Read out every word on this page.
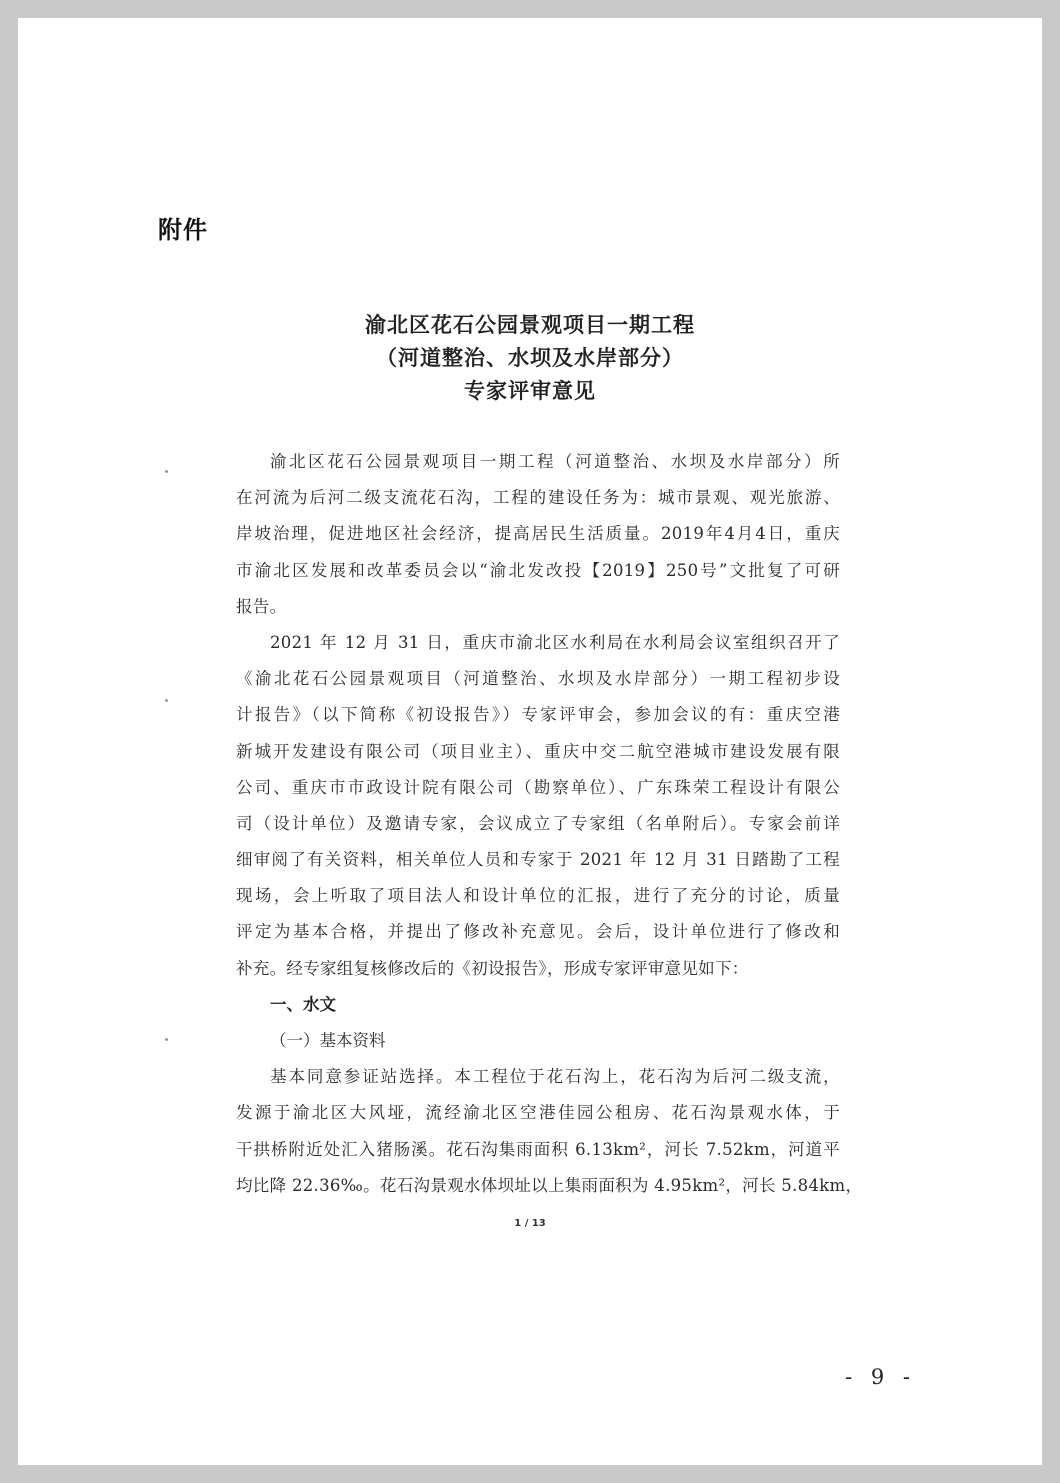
附件
渝北区花石公园景观项目一期工程
（河道整治、水坝及水岸部分）
专家评审意见
渝北区花石公园景观项目一期工程（河道整治、水坝及水岸部分）所
在河流为后河二级支流花石沟，工程的建设任务为：城市景观、观光旅游、
岸坡治理，促进地区社会经济，提高居民生活质量。2019年4月4日，重庆
市渝北区发展和改革委员会以“渝北发改投【2019】250号”文批复了可研
报告。
2021 年 12 月 31 日，重庆市渝北区水利局在水利局会议室组织召开了
《渝北花石公园景观项目（河道整治、水坝及水岸部分）一期工程初步设
计报告》（以下简称《初设报告》）专家评审会，参加会议的有：重庆空港
新城开发建设有限公司（项目业主）、重庆中交二航空港城市建设发展有限
公司、重庆市市政设计院有限公司（勘察单位）、广东珠荣工程设计有限公
司（设计单位）及邀请专家，会议成立了专家组（名单附后）。专家会前详
细审阅了有关资料，相关单位人员和专家于 2021 年 12 月 31 日踏勘了工程
现场，会上听取了项目法人和设计单位的汇报，进行了充分的讨论，质量
评定为基本合格，并提出了修改补充意见。会后，设计单位进行了修改和
补充。经专家组复核修改后的《初设报告》，形成专家评审意见如下：
一、水文
（一）基本资料
基本同意参证站选择。本工程位于花石沟上，花石沟为后河二级支流，
发源于渝北区大风垭，流经渝北区空港佳园公租房、花石沟景观水体，于
干拱桥附近处汇入猪肠溪。花石沟集雨面积 6.13km²，河长 7.52km，河道平
均比降 22.36‰。花石沟景观水体坝址以上集雨面积为 4.95km²，河长 5.84km，
1 / 13
- 9 -
